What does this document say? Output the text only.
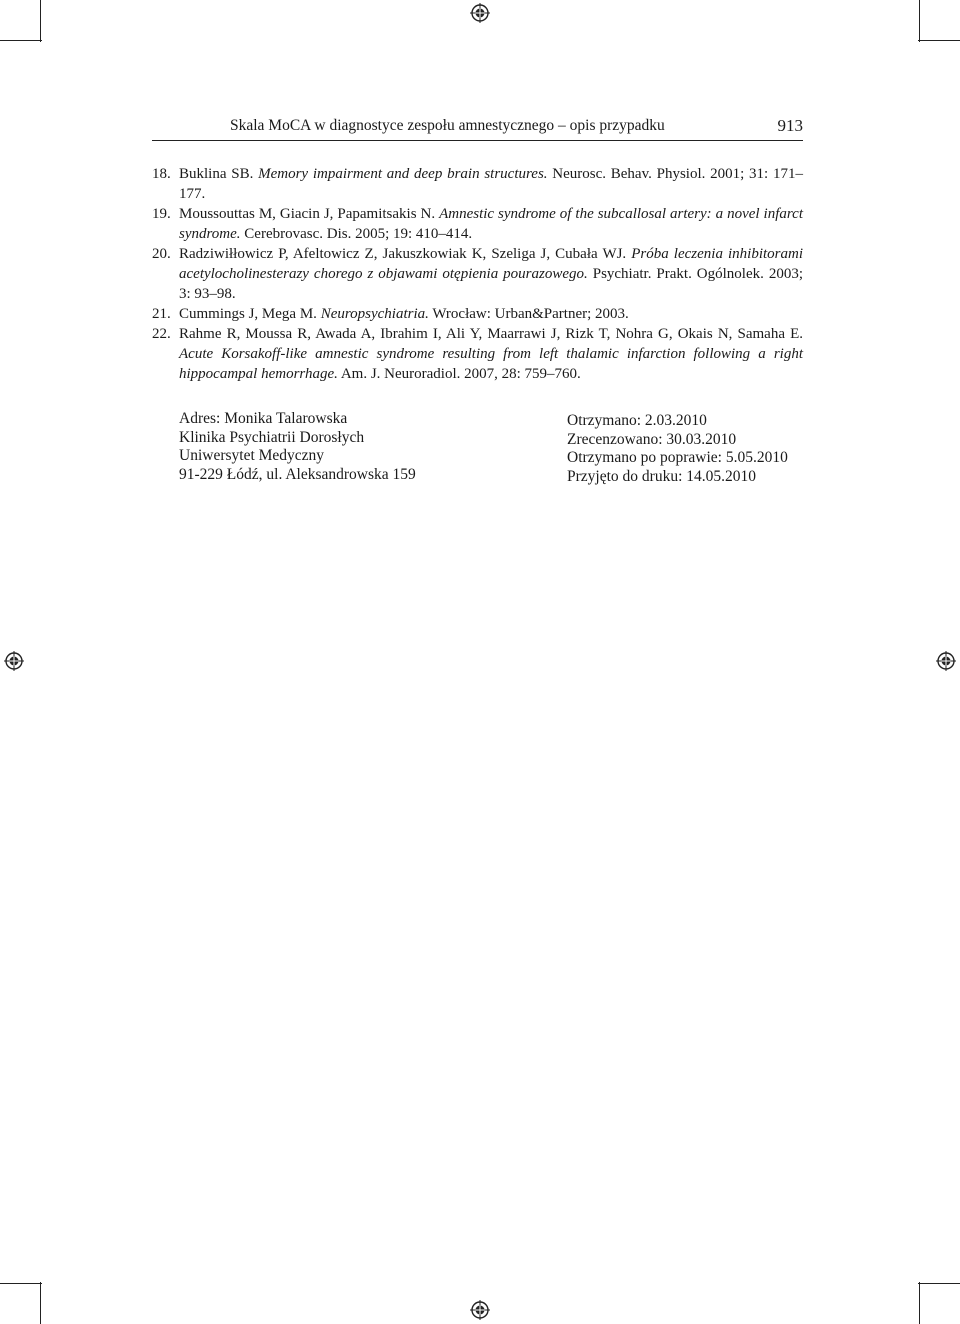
Skala MoCA w diagnostyce zespołu amnestycznego – opis przypadku	913
18. Buklina SB. Memory impairment and deep brain structures. Neurosc. Behav. Physiol. 2001; 31: 171–177.
19. Moussouttas M, Giacin J, Papamitsakis N. Amnestic syndrome of the subcallosal artery: a novel infarct syndrome. Cerebrovasc. Dis. 2005; 19: 410–414.
20. Radziwiłłowicz P, Afeltowicz Z, Jakuszkowiak K, Szeliga J, Cubała WJ. Próba leczenia inhibitorami acetylocholinesterazy chorego z objawami otępienia pourazowego. Psychiatr. Prakt. Ogólnolek. 2003; 3: 93–98.
21. Cummings J, Mega M. Neuropsychiatria. Wrocław: Urban&Partner; 2003.
22. Rahme R, Moussa R, Awada A, Ibrahim I, Ali Y, Maarrawi J, Rizk T, Nohra G, Okais N, Samaha E. Acute Korsakoff-like amnestic syndrome resulting from left thalamic infarction following a right hippocampal hemorrhage. Am. J. Neuroradiol. 2007, 28: 759–760.
Adres: Monika Talarowska
Klinika Psychiatrii Dorosłych
Uniwersytet Medyczny
91-229 Łódź, ul. Aleksandrowska 159
Otrzymano: 2.03.2010
Zrecenzowano: 30.03.2010
Otrzymano po poprawie: 5.05.2010
Przyjęto do druku: 14.05.2010
